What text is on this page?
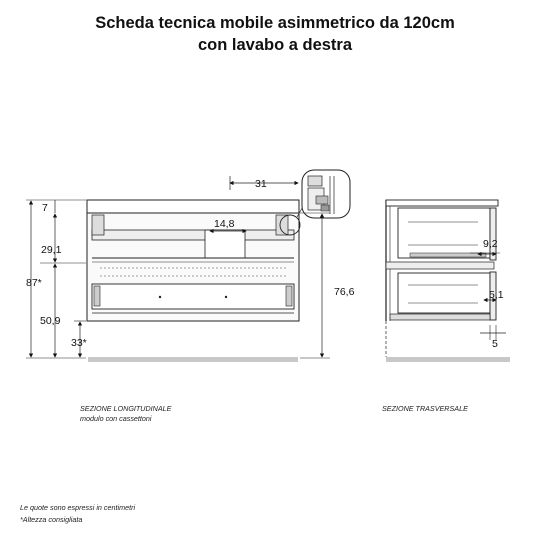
Scheda tecnica mobile asimmetrico da 120cm
con lavabo a destra
31
14,8
87*
7
29,1
50,9
33*
76,6
9,2
5,1
5
SEZIONE LONGITUDINALE
modulo con cassettoni
SEZIONE TRASVERSALE
Le quote sono espressi in centimetri
*Altezza consigliata
